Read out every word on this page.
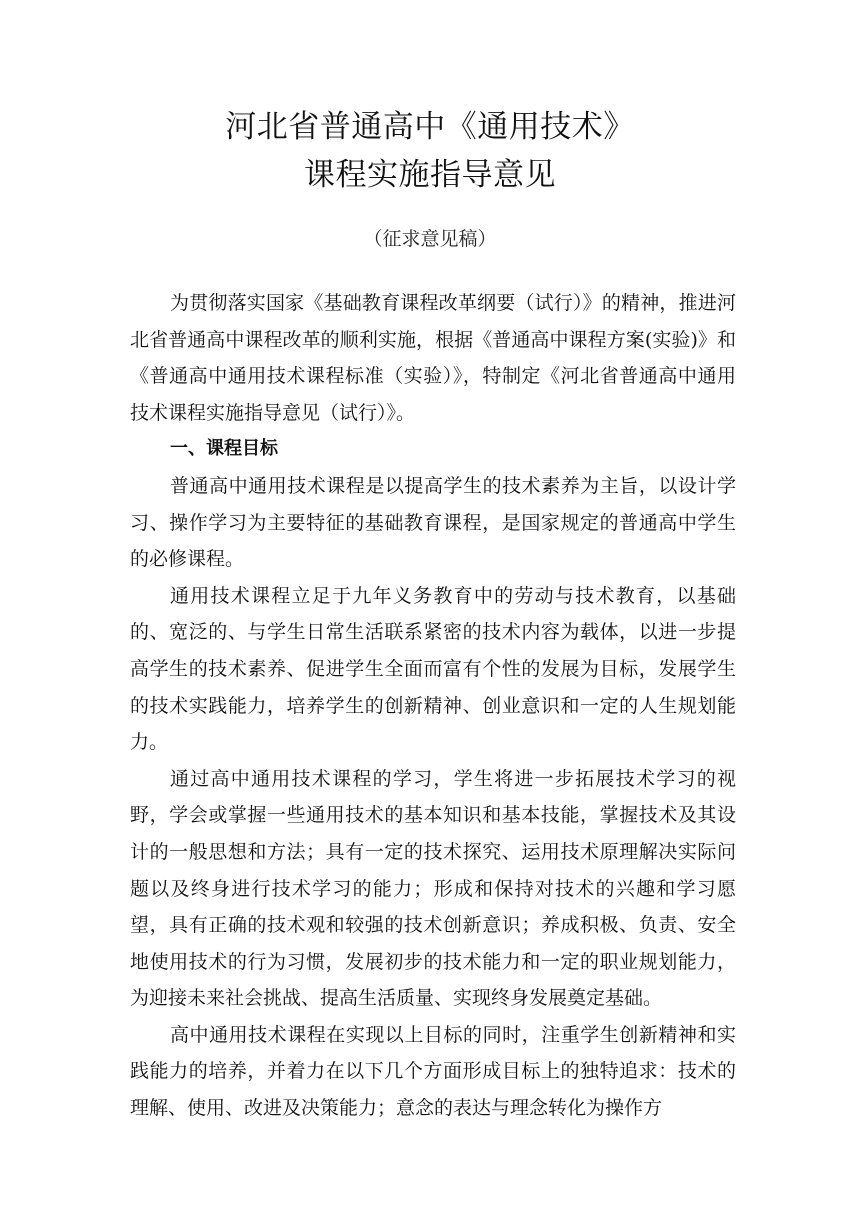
河北省普通高中《通用技术》
课程实施指导意见
（征求意见稿）

为贯彻落实国家《基础教育课程改革纲要（试行）》的精神，推进河北省普通高中课程改革的顺利实施，根据《普通高中课程方案(实验)》和《普通高中通用技术课程标准（实验）》，特制定《河北省普通高中通用技术课程实施指导意见（试行）》。

一、课程目标

普通高中通用技术课程是以提高学生的技术素养为主旨，以设计学习、操作学习为主要特征的基础教育课程，是国家规定的普通高中学生的必修课程。

通用技术课程立足于九年义务教育中的劳动与技术教育，以基础的、宽泛的、与学生日常生活联系紧密的技术内容为载体，以进一步提高学生的技术素养、促进学生全面而富有个性的发展为目标，发展学生的技术实践能力，培养学生的创新精神、创业意识和一定的人生规划能力。

通过高中通用技术课程的学习，学生将进一步拓展技术学习的视野，学会或掌握一些通用技术的基本知识和基本技能，掌握技术及其设计的一般思想和方法；具有一定的技术探究、运用技术原理解决实际问题以及终身进行技术学习的能力；形成和保持对技术的兴趣和学习愿望，具有正确的技术观和较强的技术创新意识；养成积极、负责、安全地使用技术的行为习惯，发展初步的技术能力和一定的职业规划能力，为迎接未来社会挑战、提高生活质量、实现终身发展奠定基础。

高中通用技术课程在实现以上目标的同时，注重学生创新精神和实践能力的培养，并着力在以下几个方面形成目标上的独特追求：技术的理解、使用、改进及决策能力；意念的表达与理念转化为操作方
